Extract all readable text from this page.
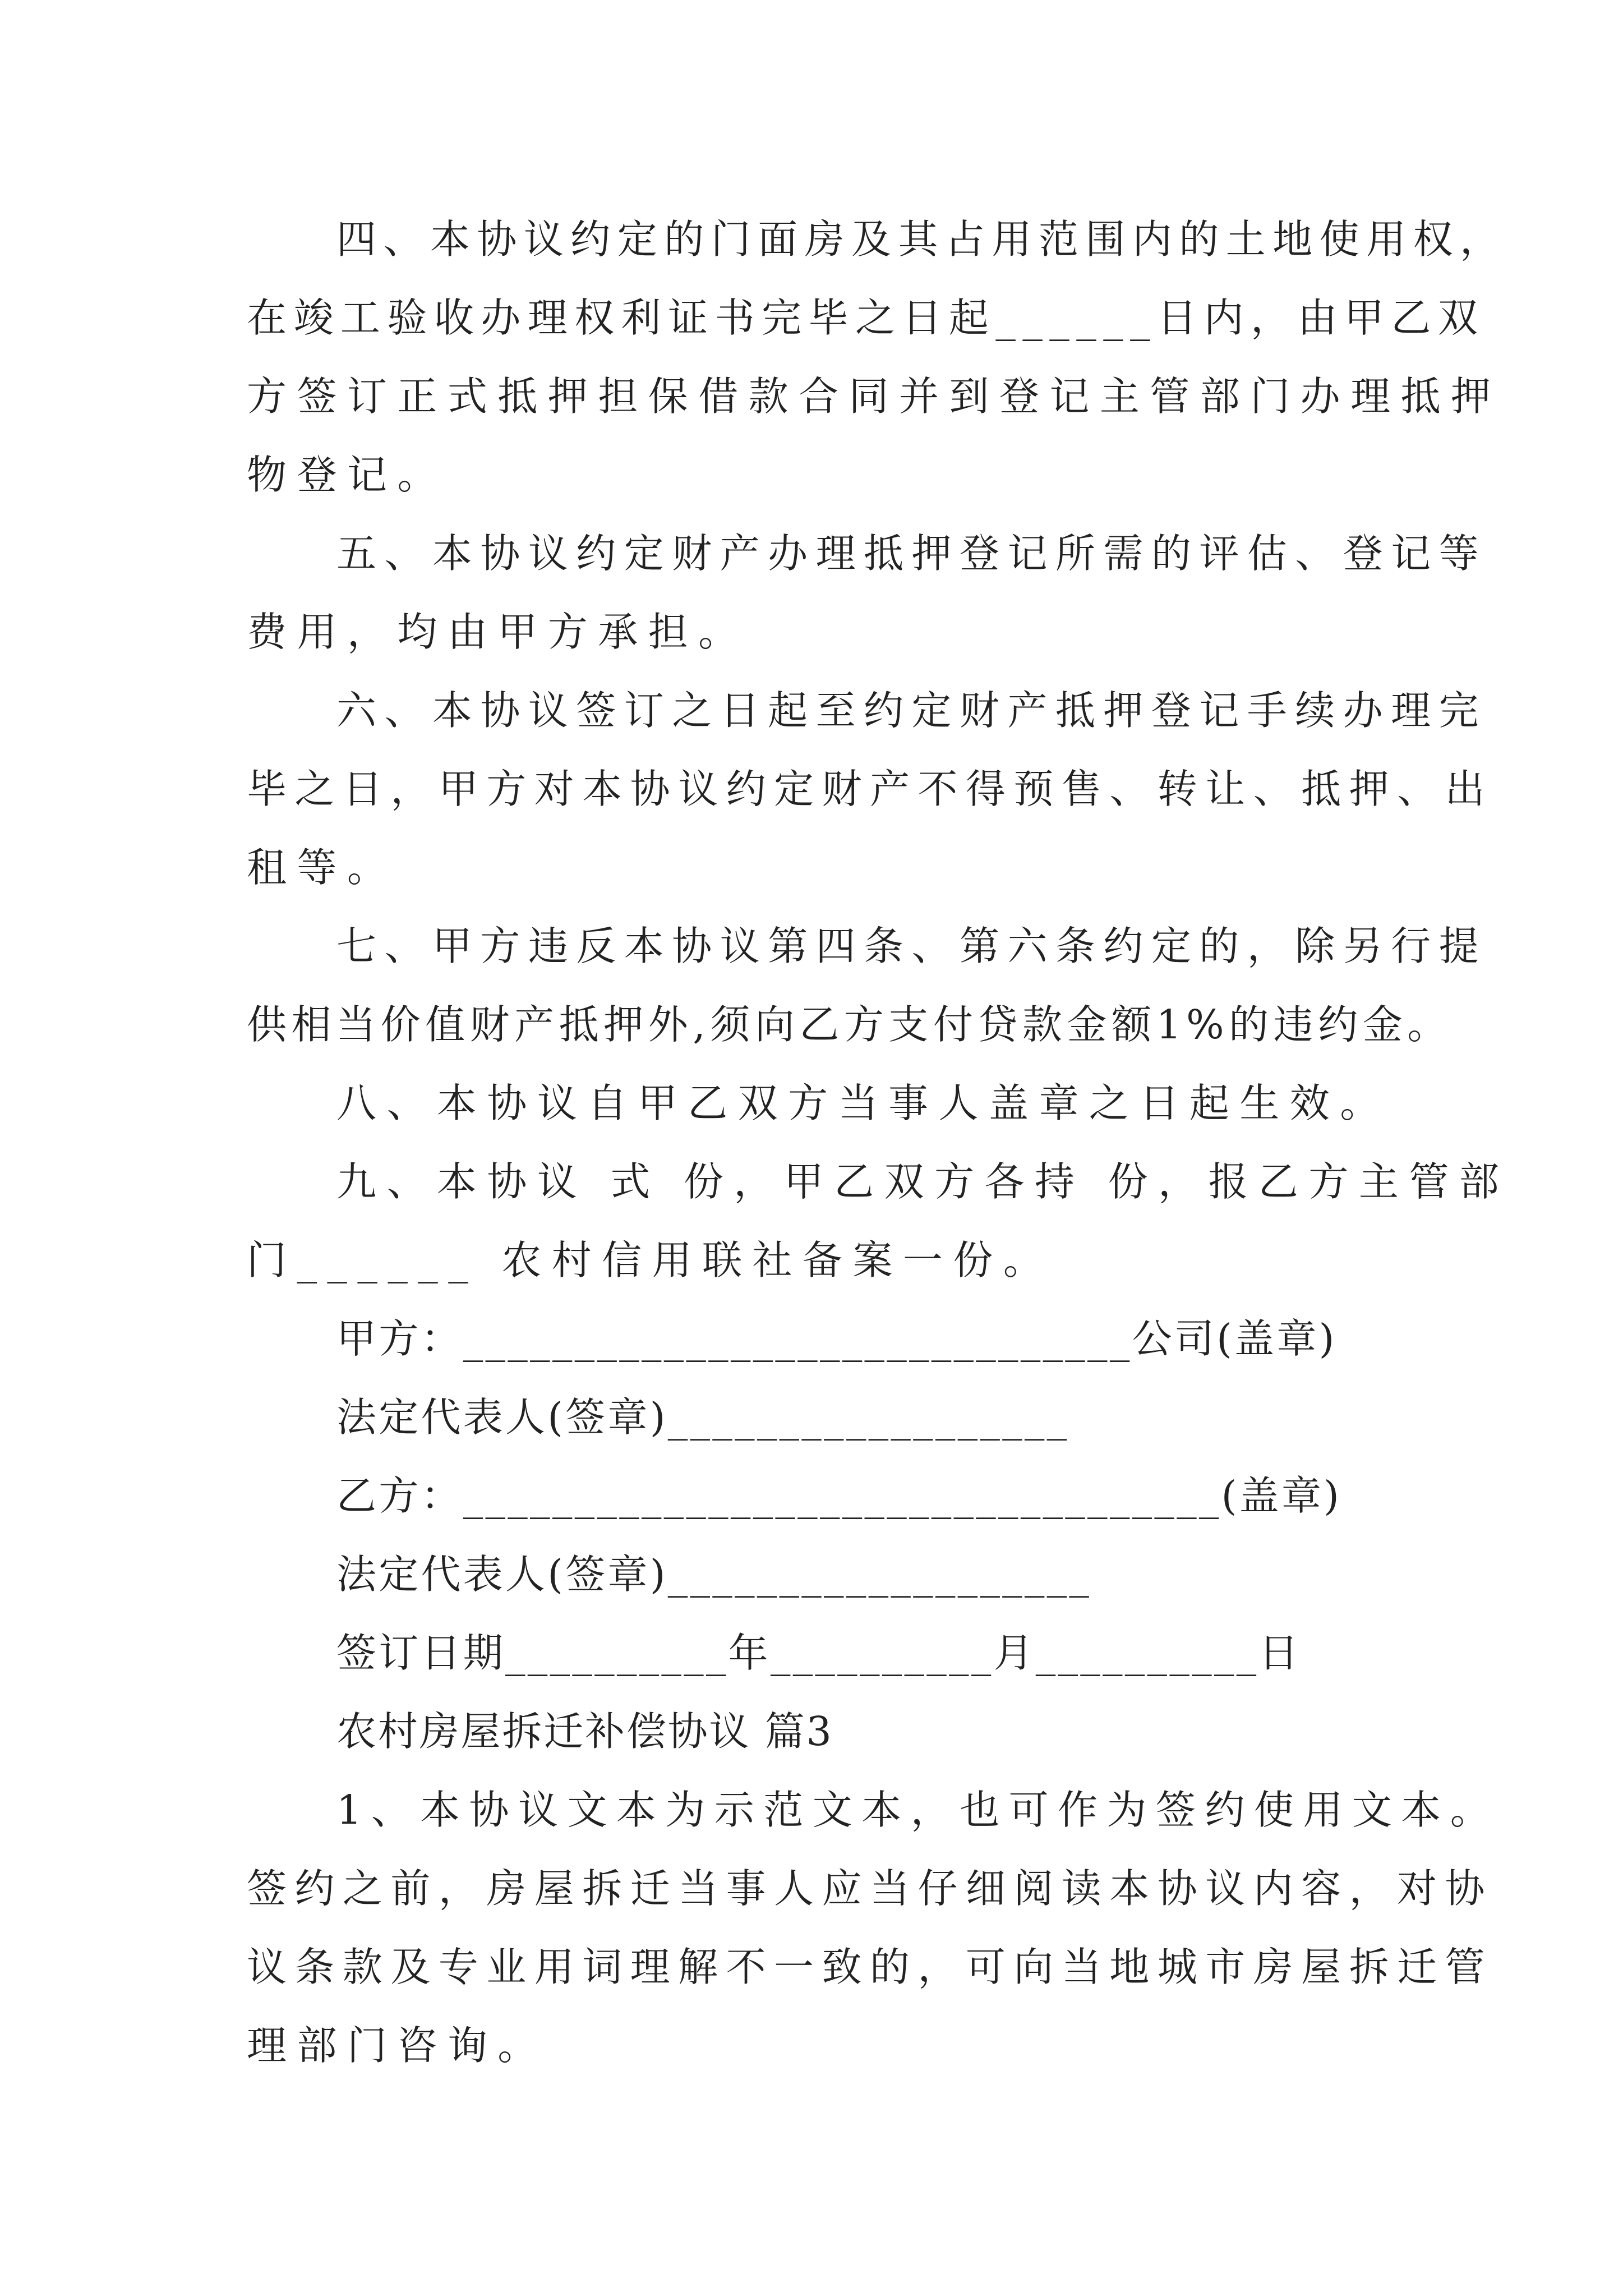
四、本协议约定的门面房及其占用范围内的土地使用权，
在竣工验收办理权利证书完毕之日起______日内，由甲乙双
方签订正式抵押担保借款合同并到登记主管部门办理抵押
物登记。
五、本协议约定财产办理抵押登记所需的评估、登记等
费用，均由甲方承担。
六、本协议签订之日起至约定财产抵押登记手续办理完
毕之日，甲方对本协议约定财产不得预售、转让、抵押、出
租等。
七、甲方违反本协议第四条、第六条约定的，除另行提
供相当价值财产抵押外,须向乙方支付贷款金额1%的违约金。
八、本协议自甲乙双方当事人盖章之日起生效。
九、本协议 式 份，甲乙双方各持 份，报乙方主管部
门______ 农村信用联社备案一份。
甲方：______________________________公司(盖章)
法定代表人(签章)__________________
乙方：__________________________________(盖章)
法定代表人(签章)___________________
签订日期__________年__________月__________日
农村房屋拆迁补偿协议 篇3
1、本协议文本为示范文本，也可作为签约使用文本。
签约之前，房屋拆迁当事人应当仔细阅读本协议内容，对协
议条款及专业用词理解不一致的，可向当地城市房屋拆迁管
理部门咨询。
